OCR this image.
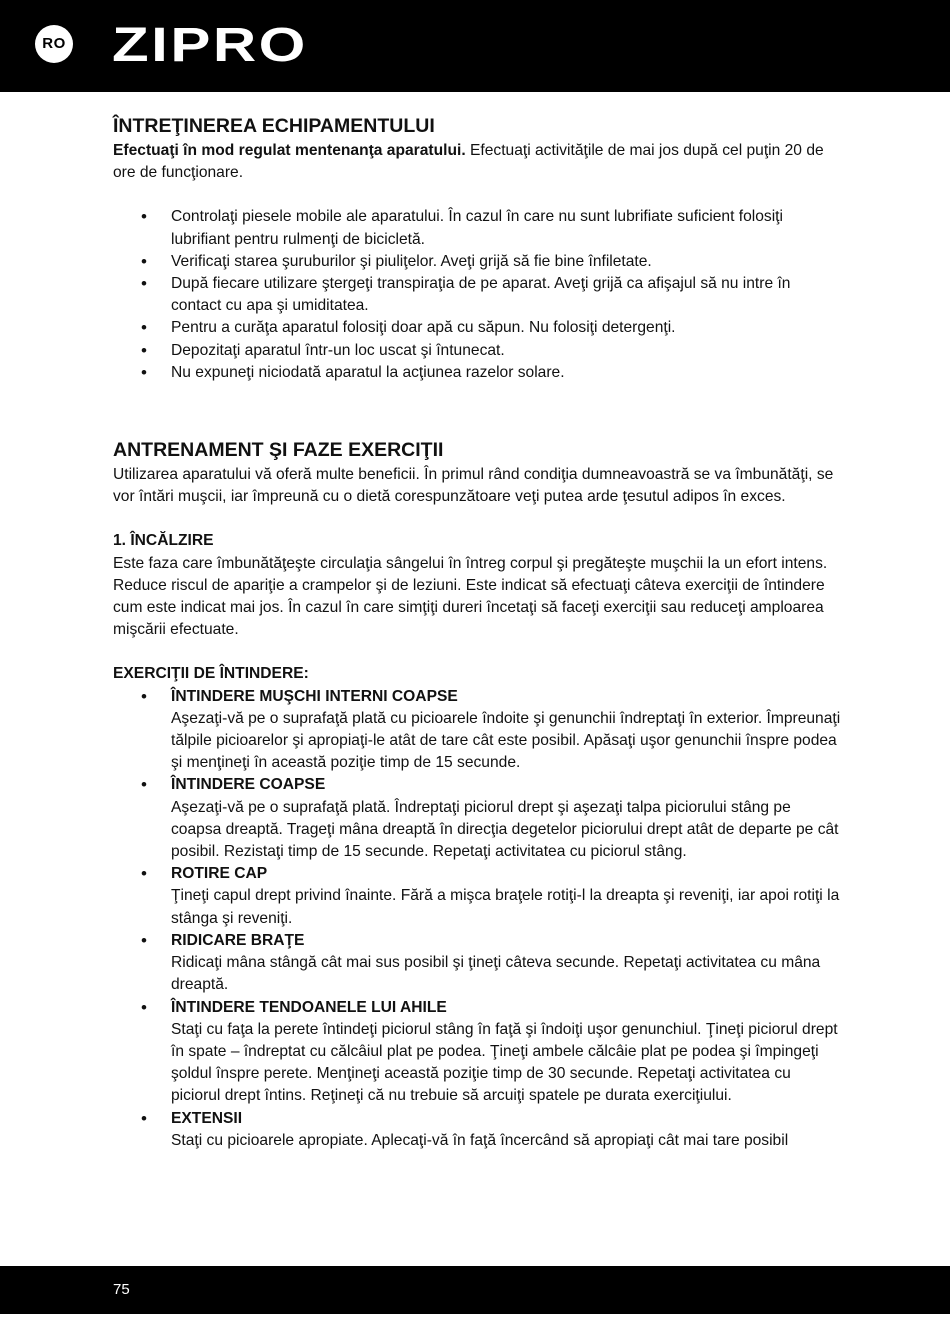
RO ZIPRO
ÎNTREŢINEREA ECHIPAMENTULUI

Efectuaţi în mod regulat mentenanţa aparatului. Efectuaţi activităţile de mai jos după cel puţin 20 de ore de funcţionare.

• Controlaţi piesele mobile ale aparatului. În cazul în care nu sunt lubrifiate suficient folosiţi lubrifiant pentru rulmenţi de bicicletă.
• Verificaţi starea şuruburilor şi piuliţelor. Aveţi grijă să fie bine înfiletate.
• După fiecare utilizare ştergeţi transpiraţia de pe aparat. Aveţi grijă ca afişajul să nu intre în contact cu apa şi umiditatea.
• Pentru a curăţa aparatul folosiţi doar apă cu săpun. Nu folosiţi detergenţi.
• Depozitaţi aparatul într-un loc uscat şi întunecat.
• Nu expuneţi niciodată aparatul la acţiunea razelor solare.
ANTRENAMENT ŞI FAZE EXERCIŢII

Utilizarea aparatului vă oferă multe beneficii. În primul rând condiţia dumneavoastră se va îmbunătăţi, se vor întări muşcii, iar împreună cu o dietă corespunzătoare veţi putea arde ţesutul adipos în exces.

1. ÎNCĂLZIRE

Este faza care îmbunătăţeşte circulaţia sângelui în întreg corpul şi pregăteşte muşchii la un efort intens. Reduce riscul de apariţie a crampelor şi de leziuni. Este indicat să efectuaţi câteva exerciţii de întindere cum este indicat mai jos. În cazul în care simţiţi dureri încetaţi să faceţi exerciţii sau reduceţi amploarea mişcării efectuate.

EXERCIŢII DE ÎNTINDERE:

• ÎNTINDERE MUŞCHI INTERNI COAPSE
Aşezaţi-vă pe o suprafaţă plată cu picioarele îndoite şi genunchii îndreptaţi în exterior. Împreunaţi tălpile picioarelor şi apropiaţi-le atât de tare cât este posibil. Apăsaţi uşor genunchii înspre podea şi menţineţi în această poziţie timp de 15 secunde.
• ÎNTINDERE COAPSE
Aşezaţi-vă pe o suprafaţă plată. Îndreptaţi piciorul drept şi aşezaţi talpa piciorului stâng pe coapsa dreaptă. Trageţi mâna dreaptă în direcţia degetelor piciorului drept atât de departe pe cât posibil. Rezistaţi timp de 15 secunde. Repetaţi activitatea cu piciorul stâng.
• ROTIRE CAP
Ţineţi capul drept privind înainte. Fără a mişca braţele rotiţi-l la dreapta şi reveniţi, iar apoi rotiţi la stânga şi reveniţi.
• RIDICARE BRAŢE
Ridicaţi mâna stângă cât mai sus posibil şi ţineţi câteva secunde. Repetaţi activitatea cu mâna dreaptă.
• ÎNTINDERE TENDOANELE LUI AHILE
Staţi cu faţa la perete întindeţi piciorul stâng în faţă şi îndoiţi uşor genunchiul. Ţineţi piciorul drept în spate – îndreptat cu călcâiul plat pe podea. Ţineţi ambele călcâie plat pe podea şi împingeţi şoldul înspre perete. Menţineţi această poziţie timp de 30 secunde. Repetaţi activitatea cu piciorul drept întins. Reţineţi că nu trebuie să arcuiţi spatele pe durata exerciţiului.
• EXTENSII
Staţi cu picioarele apropiate. Aplecaţi-vă în faţă încercând să apropiaţi cât mai tare posibil
75
